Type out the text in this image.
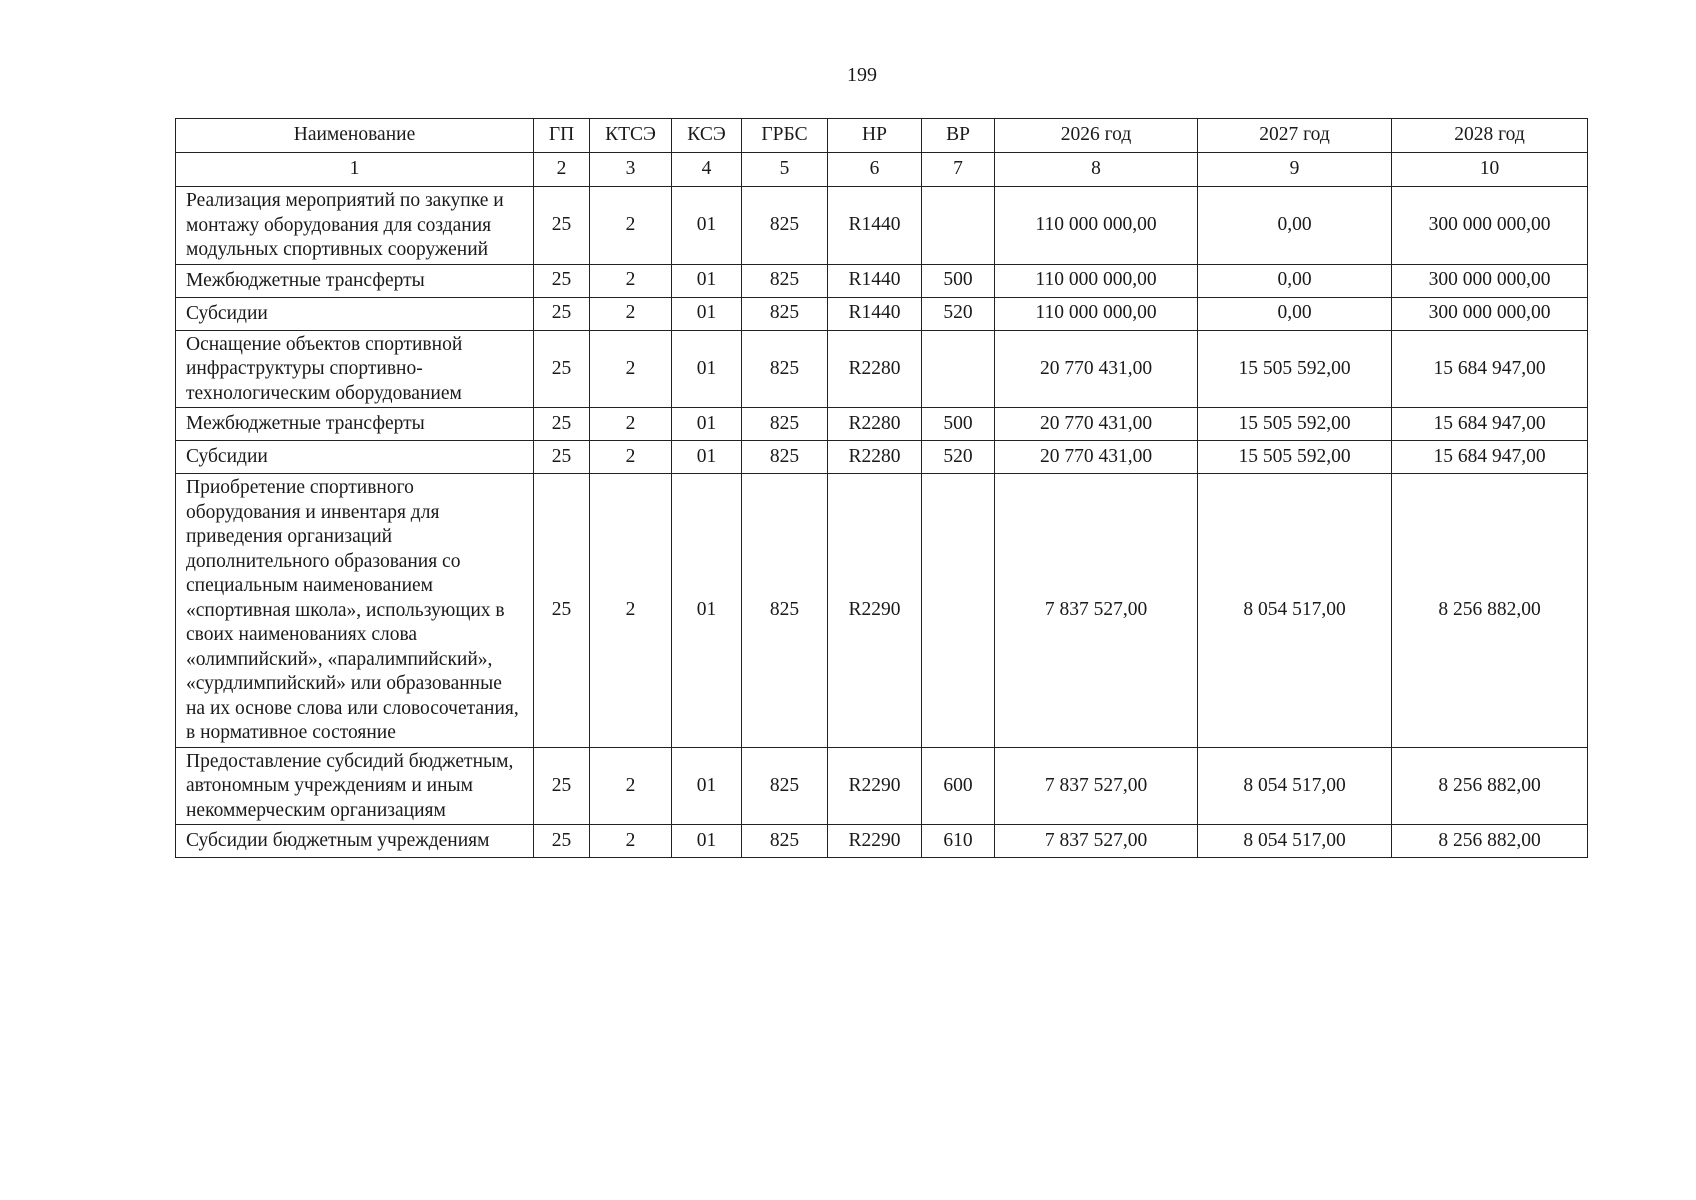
199
Наименование	ГП	КТСЭ	КСЭ	ГРБС	НР	ВР	2026 год	2027 год	2028 год
1	2	3	4	5	6	7	8	9	10
Реализация мероприятий по закупке и монтажу оборудования для создания модульных спортивных сооружений	25	2	01	825	R1440		110 000 000,00	0,00	300 000 000,00
Межбюджетные трансферты	25	2	01	825	R1440	500	110 000 000,00	0,00	300 000 000,00
Субсидии	25	2	01	825	R1440	520	110 000 000,00	0,00	300 000 000,00
Оснащение объектов спортивной инфраструктуры спортивно-технологическим оборудованием	25	2	01	825	R2280		20 770 431,00	15 505 592,00	15 684 947,00
Межбюджетные трансферты	25	2	01	825	R2280	500	20 770 431,00	15 505 592,00	15 684 947,00
Субсидии	25	2	01	825	R2280	520	20 770 431,00	15 505 592,00	15 684 947,00
Приобретение спортивного оборудования и инвентаря для приведения организаций дополнительного образования со специальным наименованием «спортивная школа», использующих в своих наименованиях слова «олимпийский», «паралимпийский», «сурдлимпийский» или образованные на их основе слова или словосочетания, в нормативное состояние	25	2	01	825	R2290		7 837 527,00	8 054 517,00	8 256 882,00
Предоставление субсидий бюджетным, автономным учреждениям и иным некоммерческим организациям	25	2	01	825	R2290	600	7 837 527,00	8 054 517,00	8 256 882,00
Субсидии бюджетным учреждениям	25	2	01	825	R2290	610	7 837 527,00	8 054 517,00	8 256 882,00
